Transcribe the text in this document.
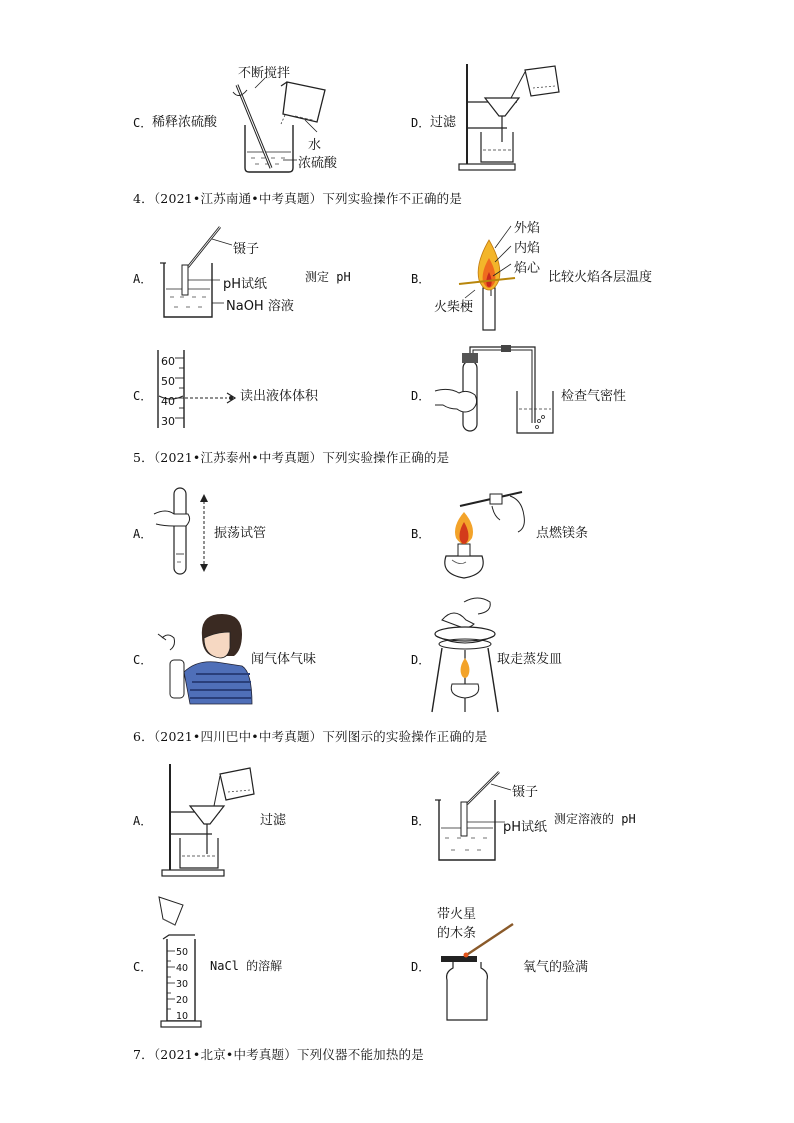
C． 稀释浓硫酸
不断搅拌
水
浓硫酸
D． 过滤
4．（2021•江苏南通•中考真题）下列实验操作不正确的是
A．
镊子
pH试纸
NaOH 溶液
测定 pH	B．
外焰
内焰
焰心
火柴梗
比较火焰各层温度
C．
60
50
40
30
读出液体体积	D．	检查气密性
5．（2021•江苏泰州•中考真题）下列实验操作正确的是
A．	振荡试管	B．	点燃镁条
C．	闻气体气味	D．	取走蒸发皿
6．（2021•四川巴中•中考真题）下列图示的实验操作正确的是
A．	过滤	B．
镊子
pH试纸
测定溶液的 pH
C．
50
40
30
20
10
NaCl 的溶解	D．
带火星
的木条
氧气的验满
7．（2021•北京•中考真题）下列仪器不能加热的是
